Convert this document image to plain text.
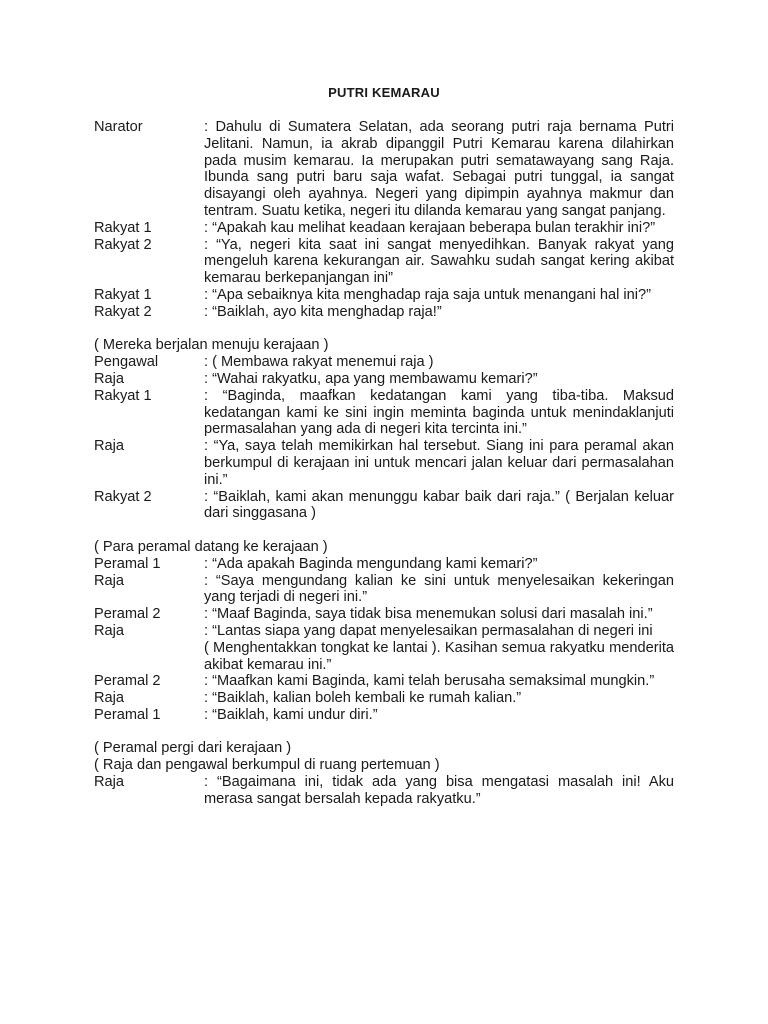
PUTRI KEMARAU
Narator	: Dahulu di Sumatera Selatan, ada seorang putri raja bernama Putri Jelitani. Namun, ia akrab dipanggil Putri Kemarau karena dilahirkan pada musim kemarau. Ia merupakan putri sematawayang sang Raja. Ibunda sang putri baru saja wafat. Sebagai putri tunggal, ia sangat disayangi oleh ayahnya. Negeri yang dipimpin ayahnya makmur dan tentram. Suatu ketika, negeri itu dilanda kemarau yang sangat panjang.
Rakyat 1	: “Apakah kau melihat keadaan kerajaan beberapa bulan terakhir ini?”
Rakyat 2	: “Ya, negeri kita saat ini sangat menyedihkan. Banyak rakyat yang mengeluh karena kekurangan air. Sawahku sudah sangat kering akibat kemarau berkepanjangan ini”
Rakyat 1	: “Apa sebaiknya kita menghadap raja saja untuk menangani hal ini?”
Rakyat 2	: “Baiklah, ayo kita menghadap raja!”
( Mereka berjalan menuju kerajaan )
Pengawal	: ( Membawa rakyat menemui raja )
Raja	: “Wahai rakyatku, apa yang membawamu kemari?”
Rakyat 1	: “Baginda, maafkan kedatangan kami yang tiba-tiba. Maksud kedatangan kami ke sini ingin meminta baginda untuk menindaklanjuti permasalahan yang ada di negeri kita tercinta ini.”
Raja	: “Ya, saya telah memikirkan hal tersebut. Siang ini para peramal akan berkumpul di kerajaan ini untuk mencari jalan keluar dari permasalahan ini.”
Rakyat 2	: “Baiklah, kami akan menunggu kabar baik dari raja.” ( Berjalan keluar dari singgasana )
( Para peramal datang ke kerajaan )
Peramal 1	: “Ada apakah Baginda mengundang kami kemari?”
Raja	: “Saya mengundang kalian ke sini untuk menyelesaikan kekeringan yang terjadi di negeri ini.”
Peramal 2	: “Maaf Baginda, saya tidak bisa menemukan solusi dari masalah ini.”
Raja	: “Lantas siapa yang dapat menyelesaikan permasalahan di negeri ini
( Menghentakkan tongkat ke lantai ). Kasihan semua rakyatku menderita akibat kemarau ini.”
Peramal 2	: “Maafkan kami Baginda, kami telah berusaha semaksimal mungkin.”
Raja	: “Baiklah, kalian boleh kembali ke rumah kalian.”
Peramal 1	: “Baiklah, kami undur diri.”
( Peramal pergi dari kerajaan )
( Raja dan pengawal berkumpul di ruang pertemuan )
Raja	: “Bagaimana ini, tidak ada yang bisa mengatasi masalah ini! Aku merasa sangat bersalah kepada rakyatku.”
